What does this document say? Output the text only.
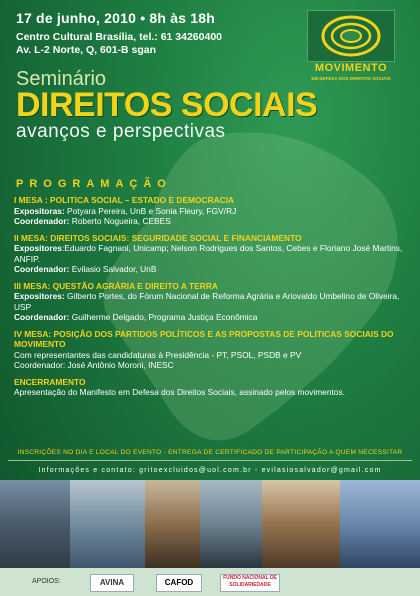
17 de junho, 2010 • 8h às 18h
Centro Cultural Brasília, tel.: 61 34260400
Av. L-2 Norte, Q, 601-B sgan
MOVIMENTO
EM DEFESA DOS DIREITOS SOCIAIS
Seminário
DIREITOS SOCIAIS
avanços e perspectivas
PROGRAMAÇÃO
I MESA : POLITICA SOCIAL – ESTADO E DEMOCRACIA
Expositoras: Potyara Pereira, UnB e Sonia Fleury, FGV/RJ
Coordenador: Roberto Nogueira, CEBES
II MESA: DIREITOS SOCIAIS: SEGURIDADE SOCIAL E FINANCIAMENTO
Expositores:Eduardo Fagnani, Unicamp; Nelson Rodrigues dos Santos, Cebes e Floriano José Martins, ANFIP.
Coordenador: Evilasio Salvador, UnB
III MESA: QUESTÃO AGRÁRIA E DIREITO A TERRA
Expositores: Gilberto Portes, do Fórum Nacional de Reforma Agrária e Ariovaldo Umbelino de Oliveira, USP
Coordenador: Guilherme Delgado, Programa Justiça Econômica
IV MESA: POSIÇÃO DOS PARTIDOS POLÍTICOS E AS PROPOSTAS DE POLITICAS SOCIAIS DO MOVIMENTO
Com representantes das candidaturas à Presidência - PT, PSOL, PSDB e PV
Coordenador: José Antônio Moroni, INESC
ENCERRAMENTO
Apresentação do Manifesto em Defesa dos Direitos Sociais, assinado pelos movimentos.
INSCRIÇÕES NO DIA E LOCAL DO EVENTO - ENTREGA DE CERTIFICADO DE PARTICIPAÇÃO A QUEM NECESSITAR
Informações e contato: gritoexcluidos@uol.com.br - evilasiosalvador@gmail.com
APOIOS:	AVINA	CAFOD	FUNDO NACIONAL DE
SOLIDARIEDADE
